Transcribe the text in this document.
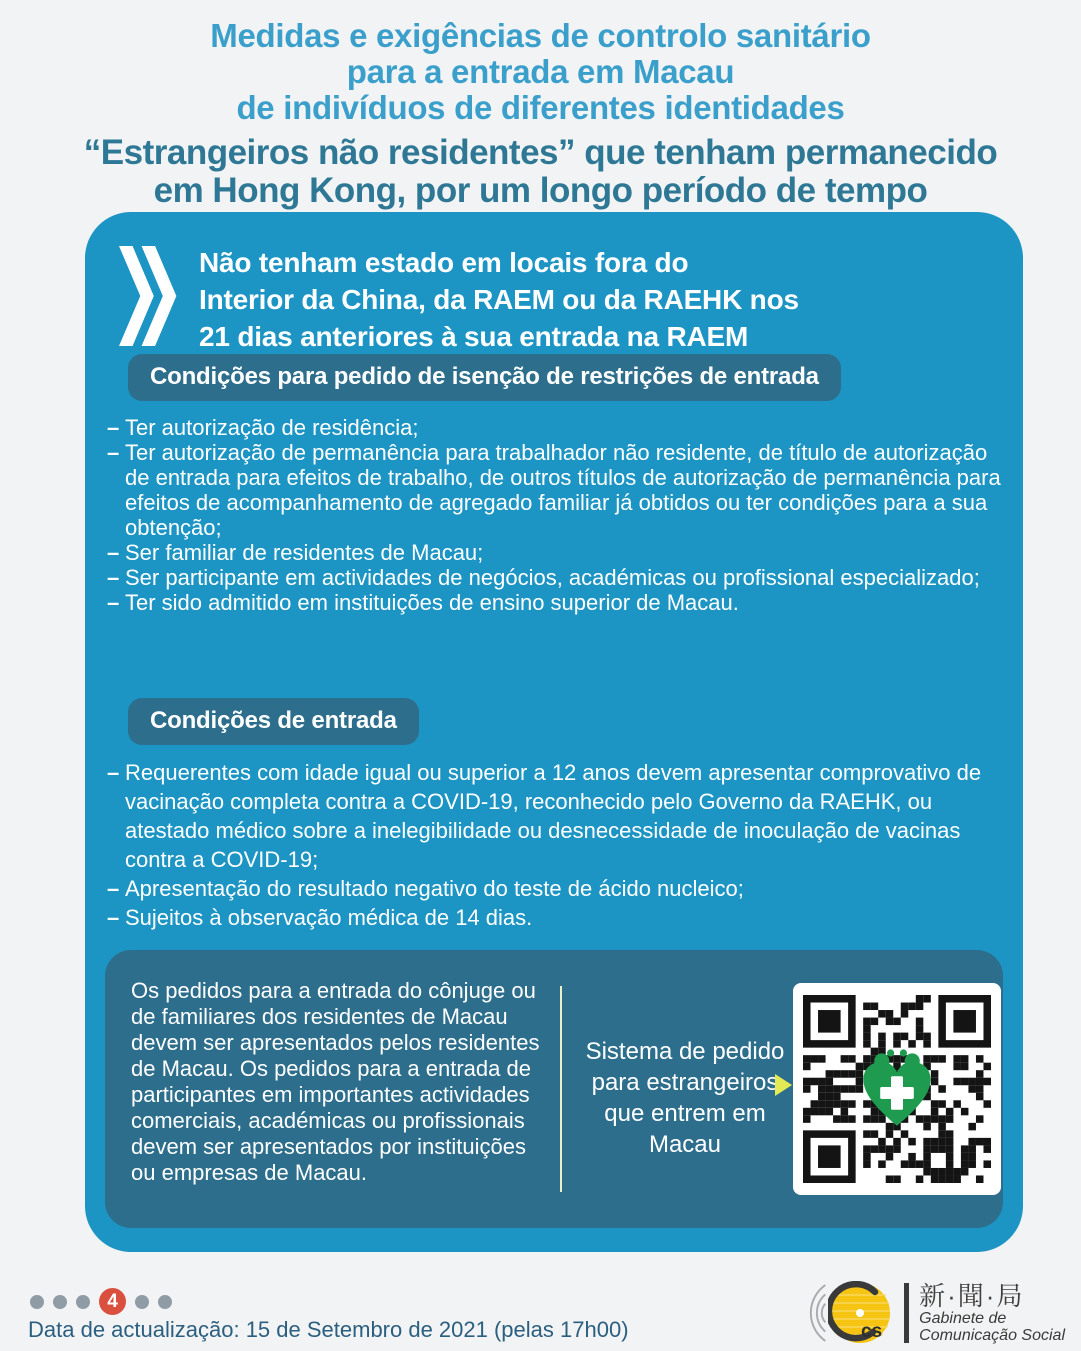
Medidas e exigências de controlo sanitário
para a entrada em Macau
de indivíduos de diferentes identidades
“Estrangeiros não residentes” que tenham permanecido
em Hong Kong, por um longo período de tempo
Não tenham estado em locais fora do
Interior da China, da RAEM ou da RAEHK nos
21 dias anteriores à sua entrada na RAEM
Condições para pedido de isenção de restrições de entrada
– Ter autorização de residência;
– Ter autorização de permanência para trabalhador não residente, de título de autorização de entrada para efeitos de trabalho, de outros títulos de autorização de permanência para efeitos de acompanhamento de agregado familiar já obtidos ou ter condições para a sua obtenção;
– Ser familiar de residentes de Macau;
– Ser participante em actividades de negócios, académicas ou profissional especializado;
– Ter sido admitido em instituições de ensino superior de Macau.
Condições de entrada
– Requerentes com idade igual ou superior a 12 anos devem apresentar comprovativo de vacinação completa contra a COVID-19, reconhecido pelo Governo da RAEHK, ou atestado médico sobre a inelegibilidade ou desnecessidade de inoculação de vacinas contra a COVID-19;
– Apresentação do resultado negativo do teste de ácido nucleico;
– Sujeitos à observação médica de 14 dias.

Os pedidos para a entrada do cônjuge ou de familiares dos residentes de Macau devem ser apresentados pelos residentes de Macau. Os pedidos para a entrada de participantes em importantes actividades comerciais, académicas ou profissionais devem ser apresentados por instituições ou empresas de Macau.

Sistema de pedido
para estrangeiros
que entrem em
Macau
4
Data de actualização: 15 de Setembro de 2021 (pelas 17h00)	cs
新·聞·局
Gabinete de
Comunicação Social
